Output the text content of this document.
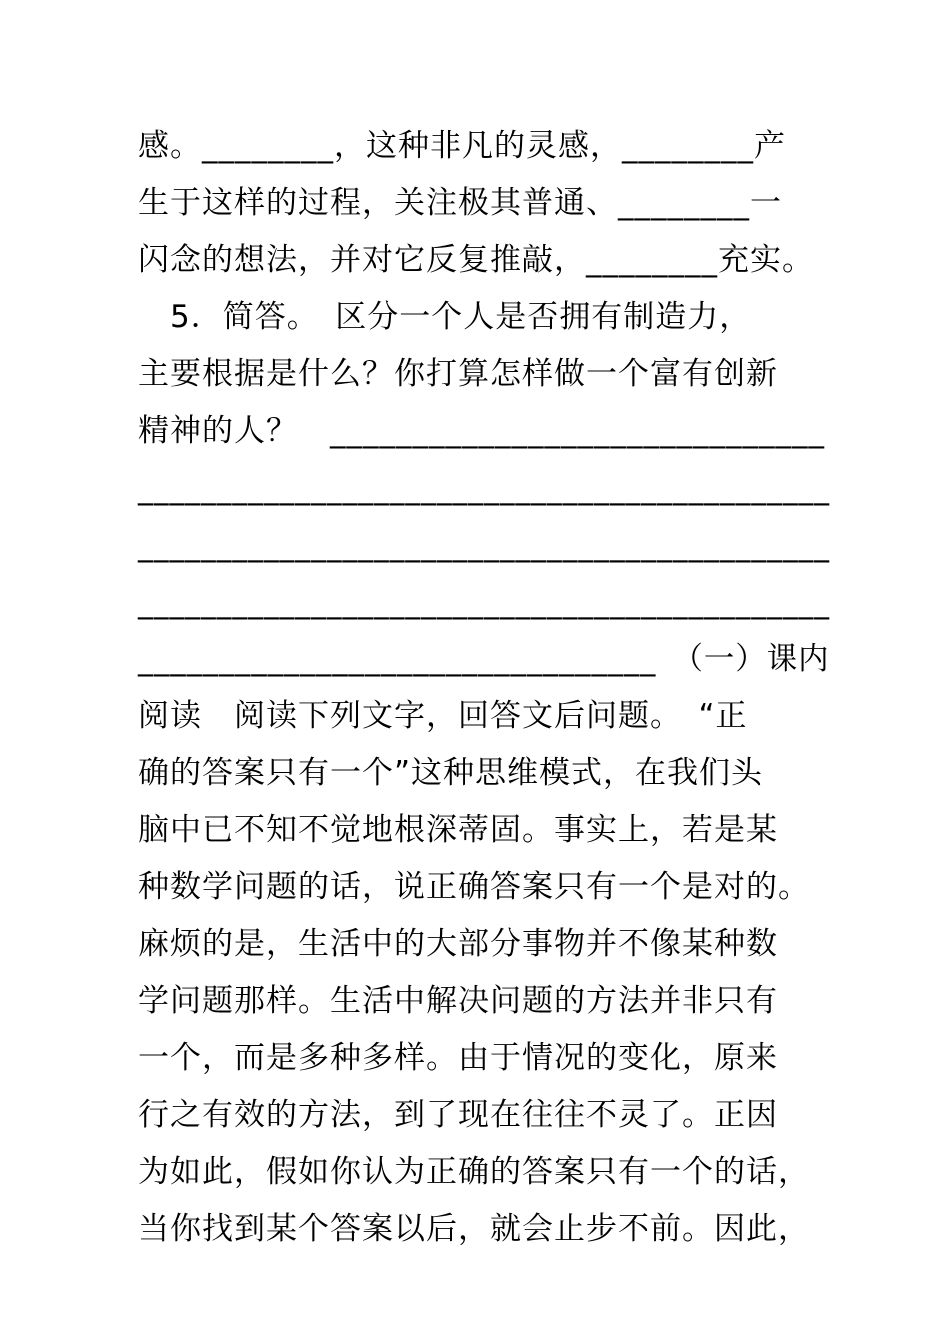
感。________，这种非凡的灵感，________产
生于这样的过程，关注极其普通、________一
闪念的想法，并对它反复推敲，________充实。
　5．简答。　区分一个人是否拥有制造力，
主要根据是什么？你打算怎样做一个富有创新
精神的人？　______________________________
____________________________________________
____________________________________________
____________________________________________
________________________________　（一）课内
阅读　阅读下列文字，回答文后问题。　“正
确的答案只有一个”这种思维模式，在我们头
脑中已不知不觉地根深蒂固。事实上，若是某
种数学问题的话，说正确答案只有一个是对的。
麻烦的是，生活中的大部分事物并不像某种数
学问题那样。生活中解决问题的方法并非只有
一个，而是多种多样。由于情况的变化，原来
行之有效的方法，到了现在往往不灵了。正因
为如此，假如你认为正确的答案只有一个的话，
当你找到某个答案以后，就会止步不前。因此，
